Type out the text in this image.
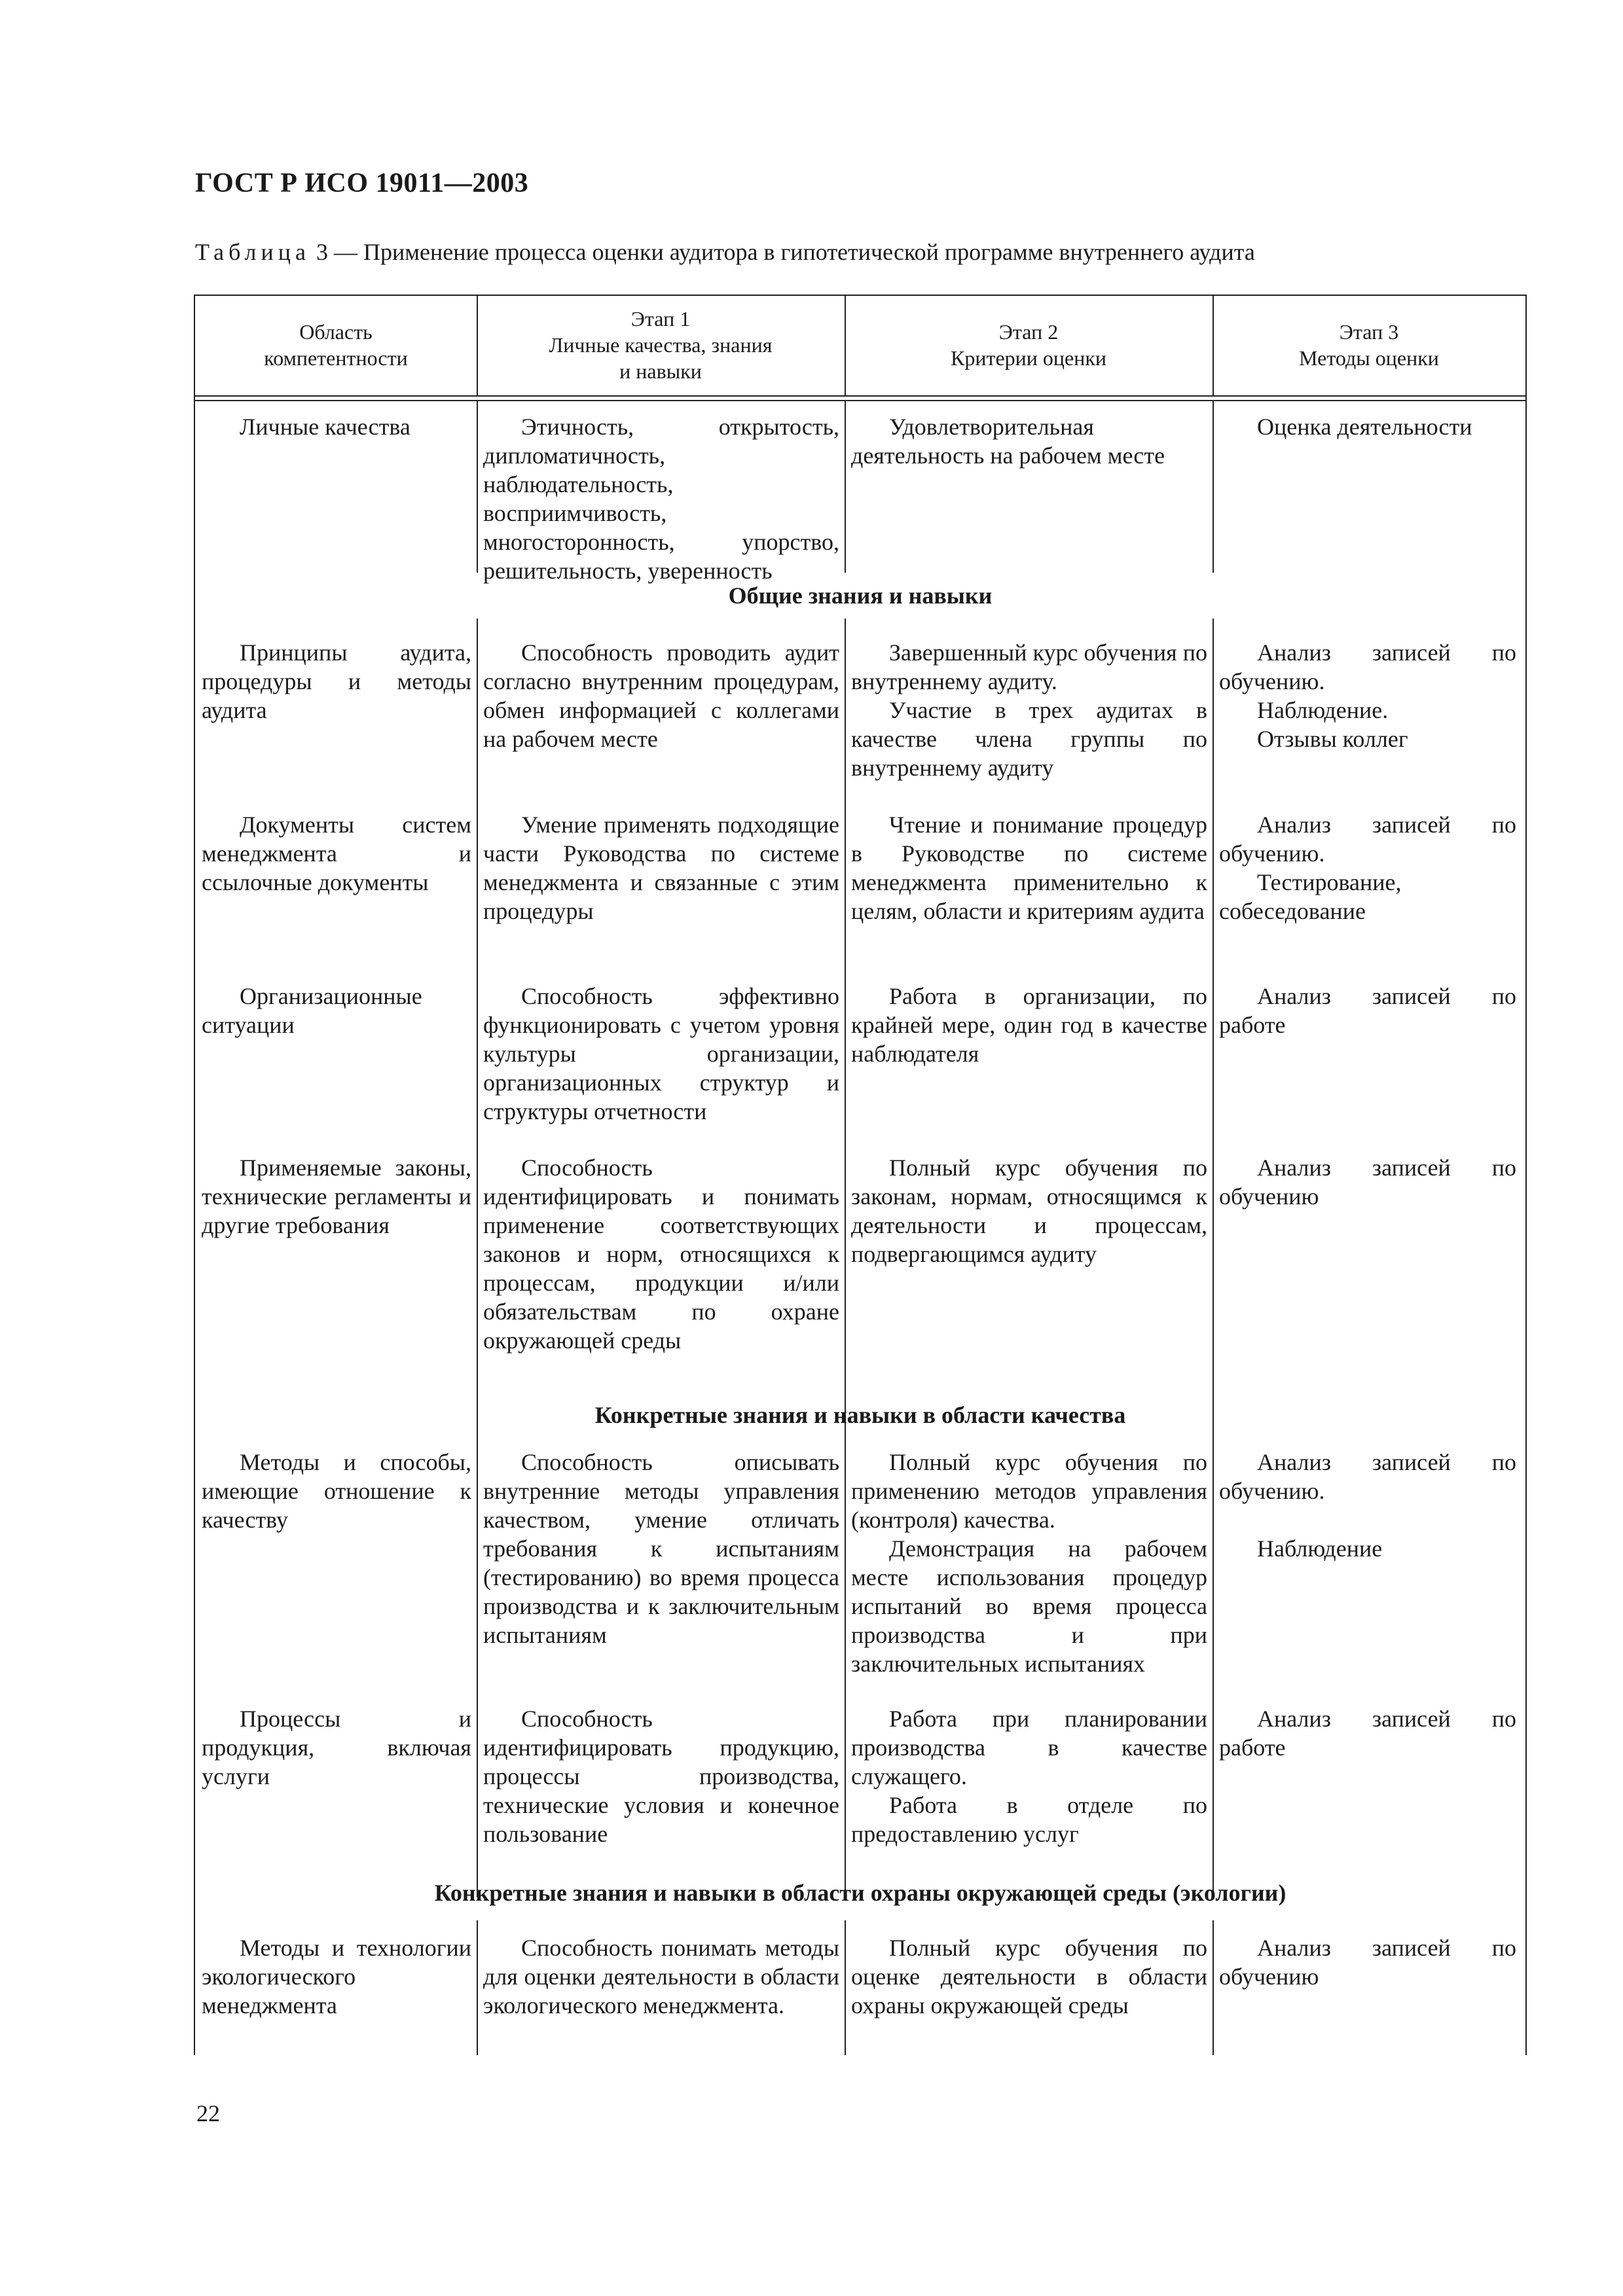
ГОСТ Р ИСО 19011—2003
Таблица 3 — Применение процесса оценки аудитора в гипотетической программе внутреннего аудита
Область
компетентности
Этап 1
Личные качества, знания
и навыки
Этап 2
Критерии оценки
Этап 3
Методы оценки
Общие знания и навыки
Конкретные знания и навыки в области качества
Конкретные знания и навыки в области охраны окружающей среды (экологии)

Личные качества	Этичность, открытость, дипломатичность, наблюдательность, восприимчивость, многосторонность, упорство, решительность, уверенность

Удовлетворительная деятельность на рабочем месте

Оценка деятельности

Принципы аудита, процедуры и методы аудита

Способность проводить аудит согласно внутренним процедурам, обмен информацией с коллегами на рабочем месте

Завершенный курс обучения по внутреннему аудиту.

Участие в трех аудитах в качестве члена группы по внутреннему аудиту

Анализ записей по обучению.

Наблюдение.

Отзывы коллег

Документы систем менеджмента и ссылочные документы

Умение применять подходящие части Руководства по системе менеджмента и связанные с этим процедуры

Чтение и понимание процедур в Руководстве по системе менеджмента применительно к целям, области и критериям аудита

Анализ записей по обучению.

Тестирование, собеседование

Организационные ситуации

Способность эффективно функционировать с учетом уровня культуры организации, организационных структур и структуры отчетности

Работа в организации, по крайней мере, один год в качестве наблюдателя

Анализ записей по работе

Применяемые законы, технические регламенты и другие требования

Способность идентифицировать и понимать применение соответствующих законов и норм, относящихся к процессам, продукции и/или обязательствам по охране окружающей среды

Полный курс обучения по законам, нормам, относящимся к деятельности и процессам, подвергающимся аудиту

Анализ записей по обучению

Методы и способы, имеющие отношение к качеству

Способность описывать внутренние методы управления качеством, умение отличать требования к испытаниям (тестированию) во время процесса производства и к заключительным испытаниям

Полный курс обучения по применению методов управления (контроля) качества.

Демонстрация на рабочем месте использования процедур испытаний во время процесса производства и при заключительных испытаниях

Анализ записей по обучению.

Наблюдение

Процессы и продукция, включая услуги

Способность идентифицировать продукцию, процессы производства, технические условия и конечное пользование

Работа при планировании производства в качестве служащего.

Работа в отделе по предоставлению услуг

Анализ записей по работе

Методы и технологии экологического менеджмента

Способность понимать методы для оценки деятельности в области экологического менеджмента.

Полный курс обучения по оценке деятельности в области охраны окружающей среды

Анализ записей по обучению

22
